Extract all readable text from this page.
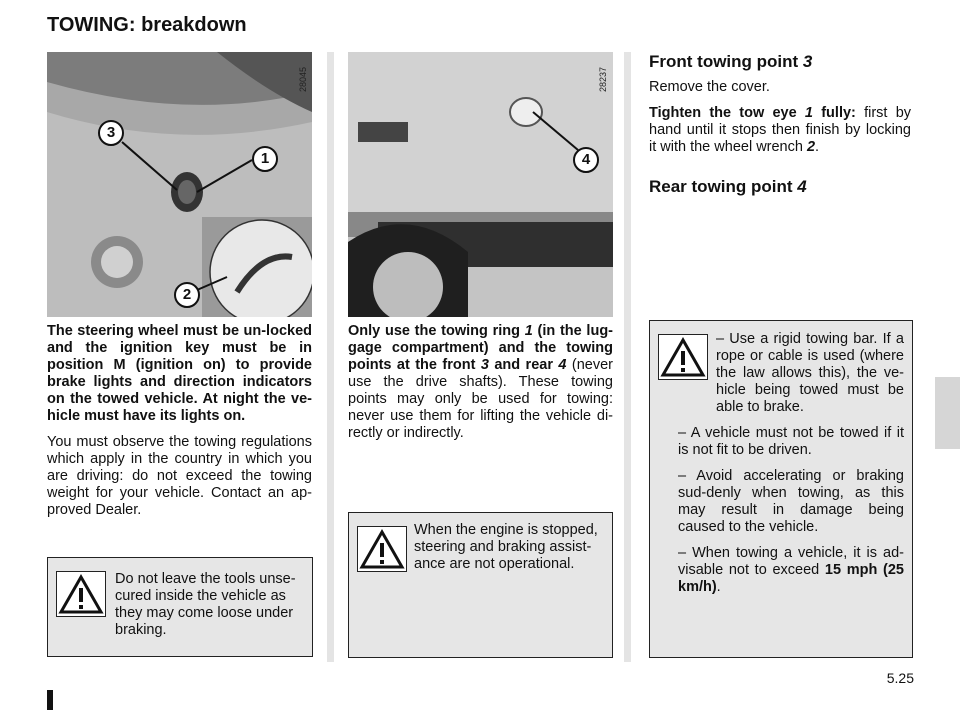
TOWING: breakdown
3
1
2
28045
4
28237

The steering wheel must be un-locked and the ignition key must be in position M (ignition on) to provide brake lights and direction indicators on the towed vehicle. At night the ve-hicle must have its lights on.

You must observe the towing regulations which apply in the country in which you are driving: do not exceed the towing weight for your vehicle. Contact an ap-proved Dealer.

Do not leave the tools unse-cured inside the vehicle as they may come loose under braking.

Only use the towing ring 1 (in the lug-gage compartment) and the towing points at the front 3 and rear 4 (never use the drive shafts). These towing points may only be used for towing: never use them for lifting the vehicle di-rectly or indirectly.

When the engine is stopped, steering and braking assist-ance are not operational.
Front towing point 3

Remove the cover.

Tighten the tow eye 1 fully: first by hand until it stops then finish by locking it with the wheel wrench 2.

Rear towing point 4
– Use a rigid towing bar. If a rope or cable is used (where the law allows this), the ve-hicle being towed must be able to brake.
– A vehicle must not be towed if it is not fit to be driven.
– Avoid accelerating or braking sud-denly when towing, as this may result in damage being caused to the vehicle.
– When towing a vehicle, it is ad-visable not to exceed 15 mph (25 km/h).
5.25
